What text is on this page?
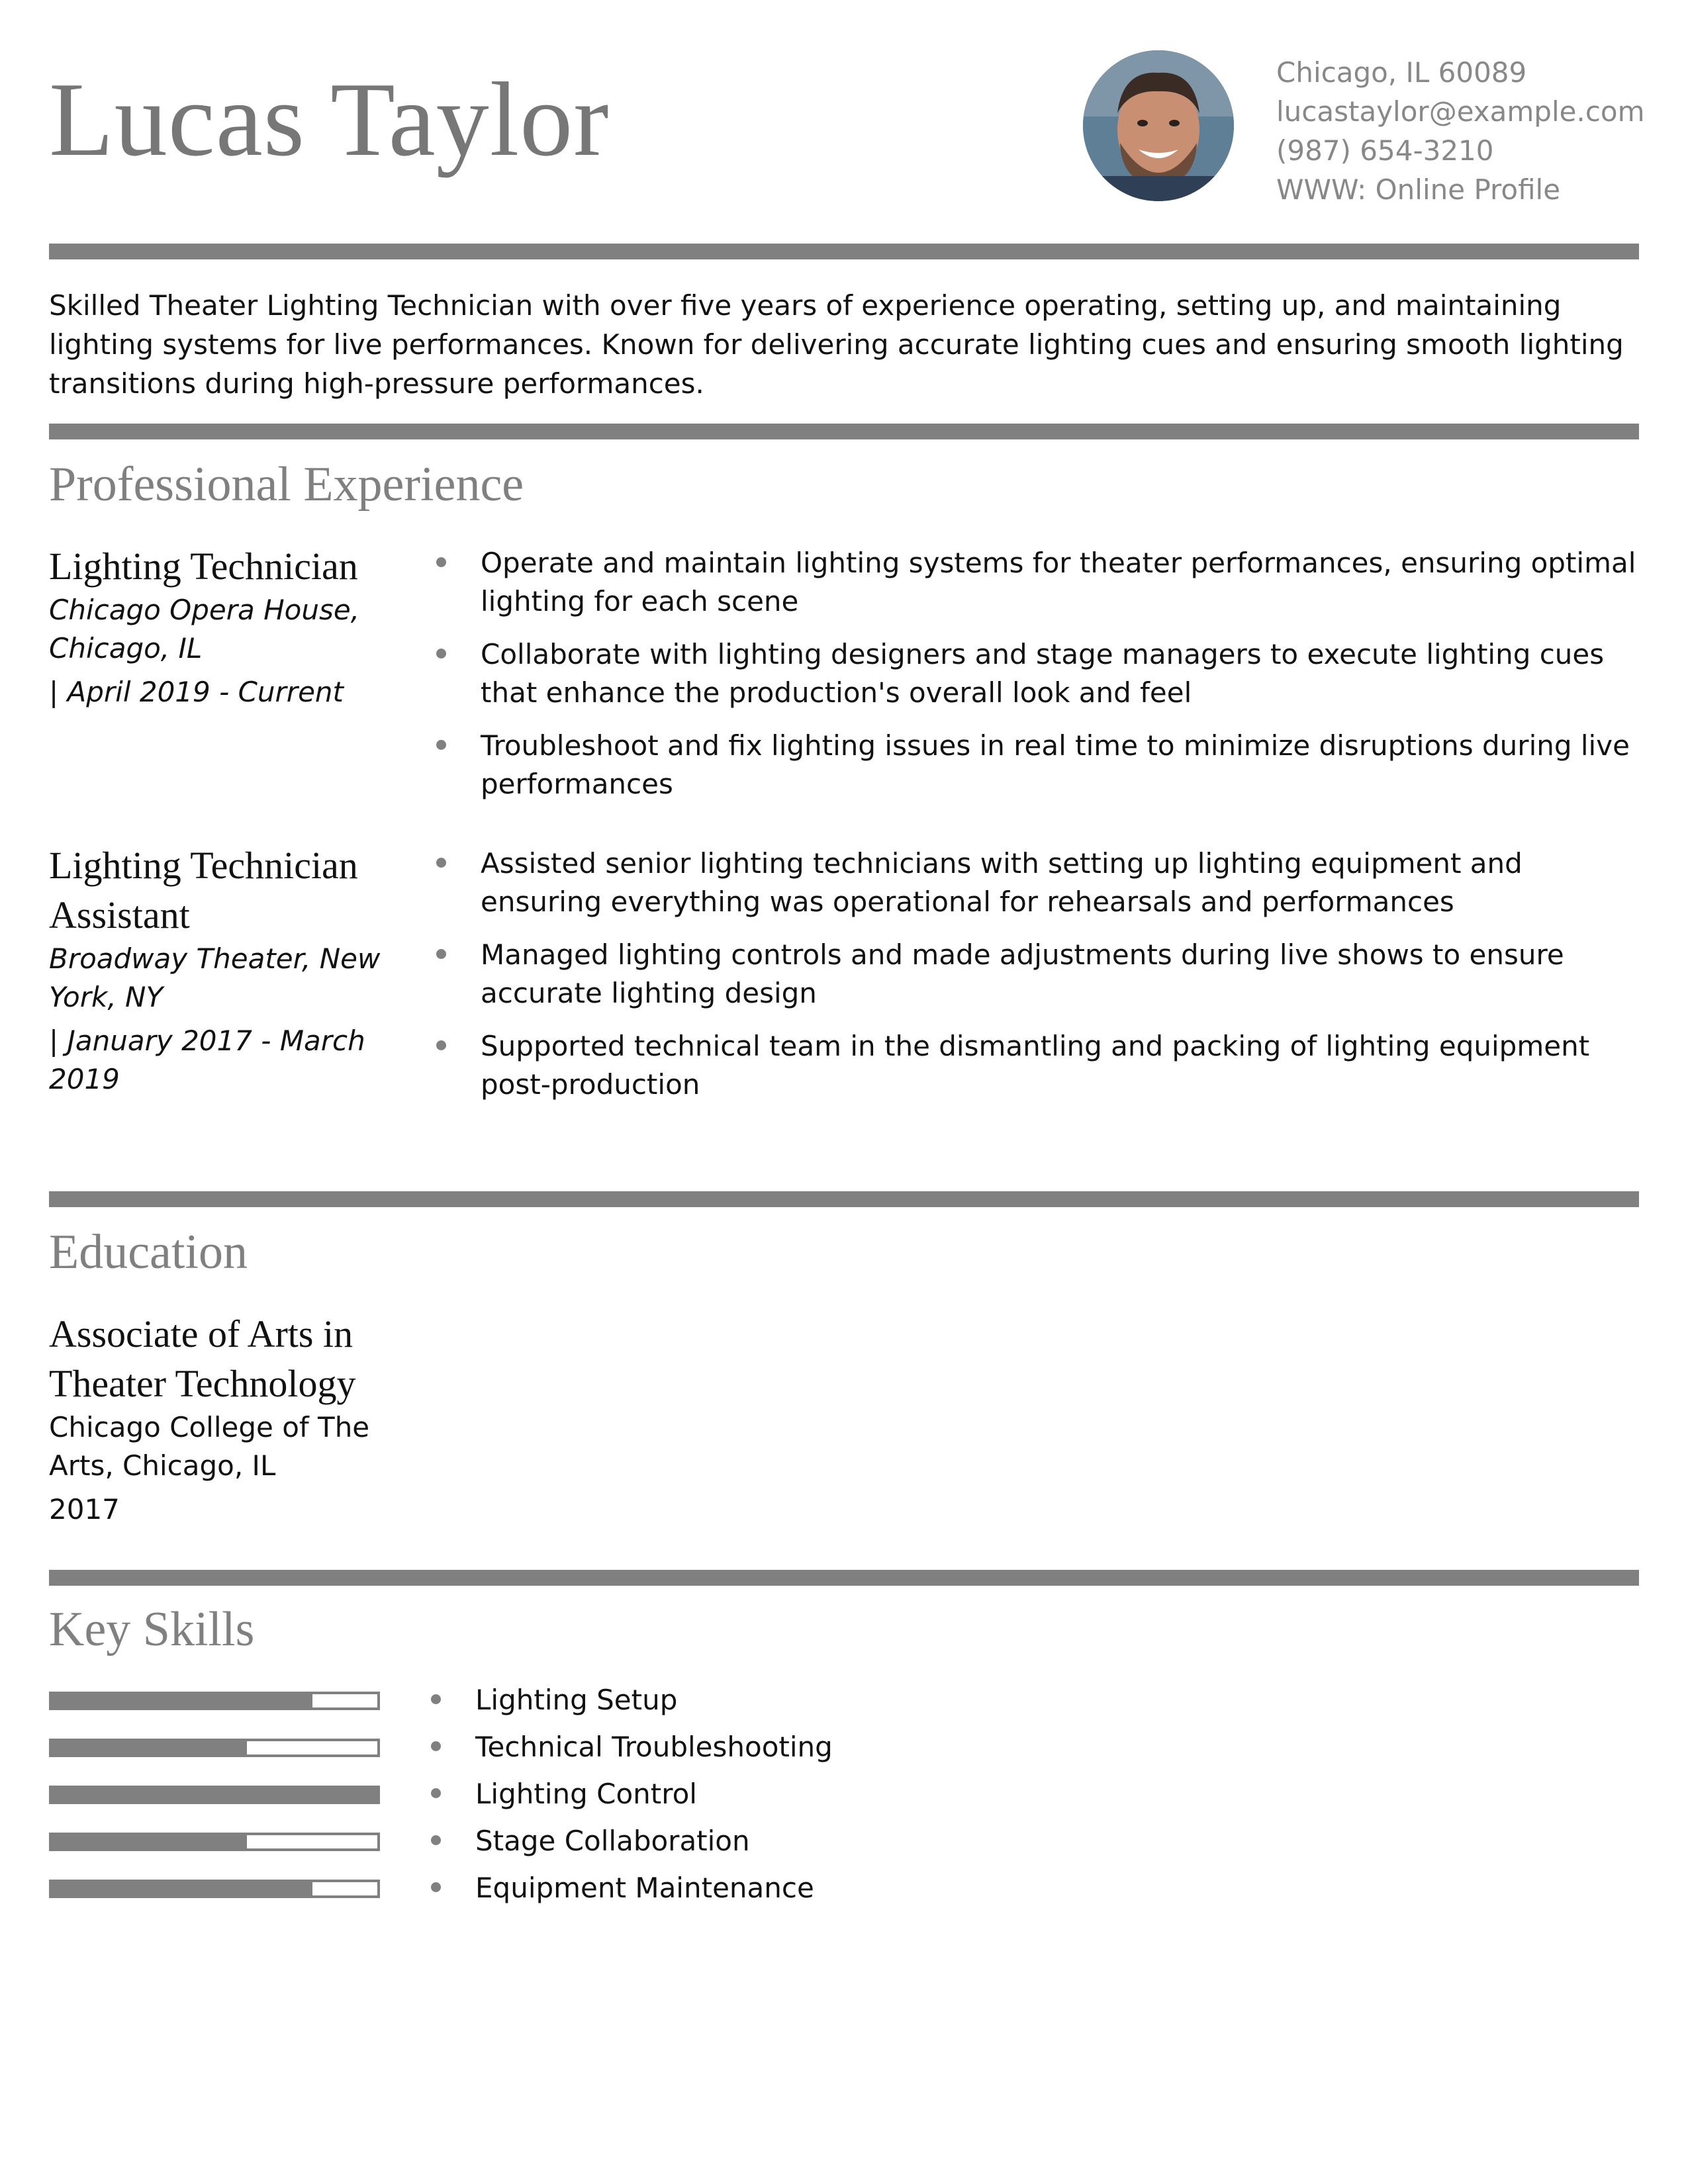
Lucas Taylor	Chicago, IL 60089
lucastaylor@example.com
(987) 654-3210
WWW: Online Profile
Skilled Theater Lighting Technician with over five years of experience operating, setting up, and maintaining lighting systems for live performances. Known for delivering accurate lighting cues and ensuring smooth lighting transitions during high-pressure performances.
Professional Experience
Lighting Technician
Chicago Opera House, Chicago, IL
| April 2019 - Current
Operate and maintain lighting systems for theater performances, ensuring optimal lighting for each scene
Collaborate with lighting designers and stage managers to execute lighting cues that enhance the production's overall look and feel
Troubleshoot and fix lighting issues in real time to minimize disruptions during live performances
Lighting Technician Assistant
Broadway Theater, New York, NY
| January 2017 - March 2019
Assisted senior lighting technicians with setting up lighting equipment and ensuring everything was operational for rehearsals and performances
Managed lighting controls and made adjustments during live shows to ensure accurate lighting design
Supported technical team in the dismantling and packing of lighting equipment post-production
Education
Associate of Arts in Theater Technology
Chicago College of The Arts, Chicago, IL
2017
Key Skills
Lighting Setup
Technical Troubleshooting
Lighting Control
Stage Collaboration
Equipment Maintenance
